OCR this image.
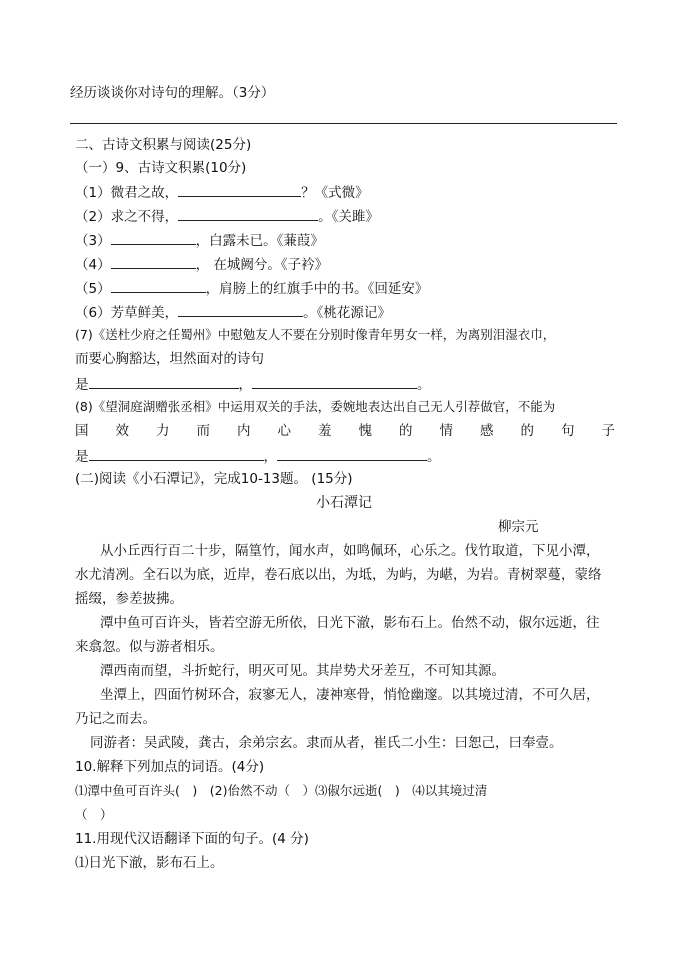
经历谈谈你对诗句的理解。（3分）
二、古诗文积累与阅读(25分)
（一）9、古诗文积累(10分)
（1）微君之故，	？《式微》
（2）求之不得，	。《关雎》
（3）	，白露未已。《蒹葭》
（4）	， 在城阙兮。《子衿》
（5）	，肩膀上的红旗手中的书。《回延安》
（6）芳草鲜美，	。《桃花源记》
(7)《送杜少府之任蜀州》中慰勉友人不要在分别时像青年男女一样，为离别泪湿衣巾，
而要心胸豁达，坦然面对的诗句
是	，	。
(8)《望洞庭湖赠张丞相》中运用双关的手法，委婉地表达出自己无人引荐做官，不能为
国 效 力 而 内 心 羞 愧 的 情 感 的 句 子
是	，	。
(二)阅读《小石潭记》，完成10-13题。 (15分)
小石潭记
柳宗元
从小丘西行百二十步，隔篁竹，闻水声，如鸣佩环，心乐之。伐竹取道，下见小潭，
水尤清冽。全石以为底，近岸，卷石底以出，为坻，为屿，为嵁，为岩。青树翠蔓，蒙络
摇缀，参差披拂。
潭中鱼可百许头，皆若空游无所依，日光下澈，影布石上。佁然不动，俶尔远逝，往
来翕忽。似与游者相乐。
潭西南而望，斗折蛇行，明灭可见。其岸势犬牙差互，不可知其源。
坐潭上，四面竹树环合，寂寥无人，凄神寒骨，悄怆幽邃。以其境过清，不可久居，
乃记之而去。
同游者：吴武陵，龚古，余弟宗玄。隶而从者，崔氏二小生：曰恕己，曰奉壹。
10.解释下列加点的词语。(4分)
⑴潭中鱼可百许头(　)　(2)佁然不动（　）⑶俶尔远逝(　)　⑷以其境过清
（　）
11.用现代汉语翻译下面的句子。(4 分)
⑴日光下澈，影布石上。
